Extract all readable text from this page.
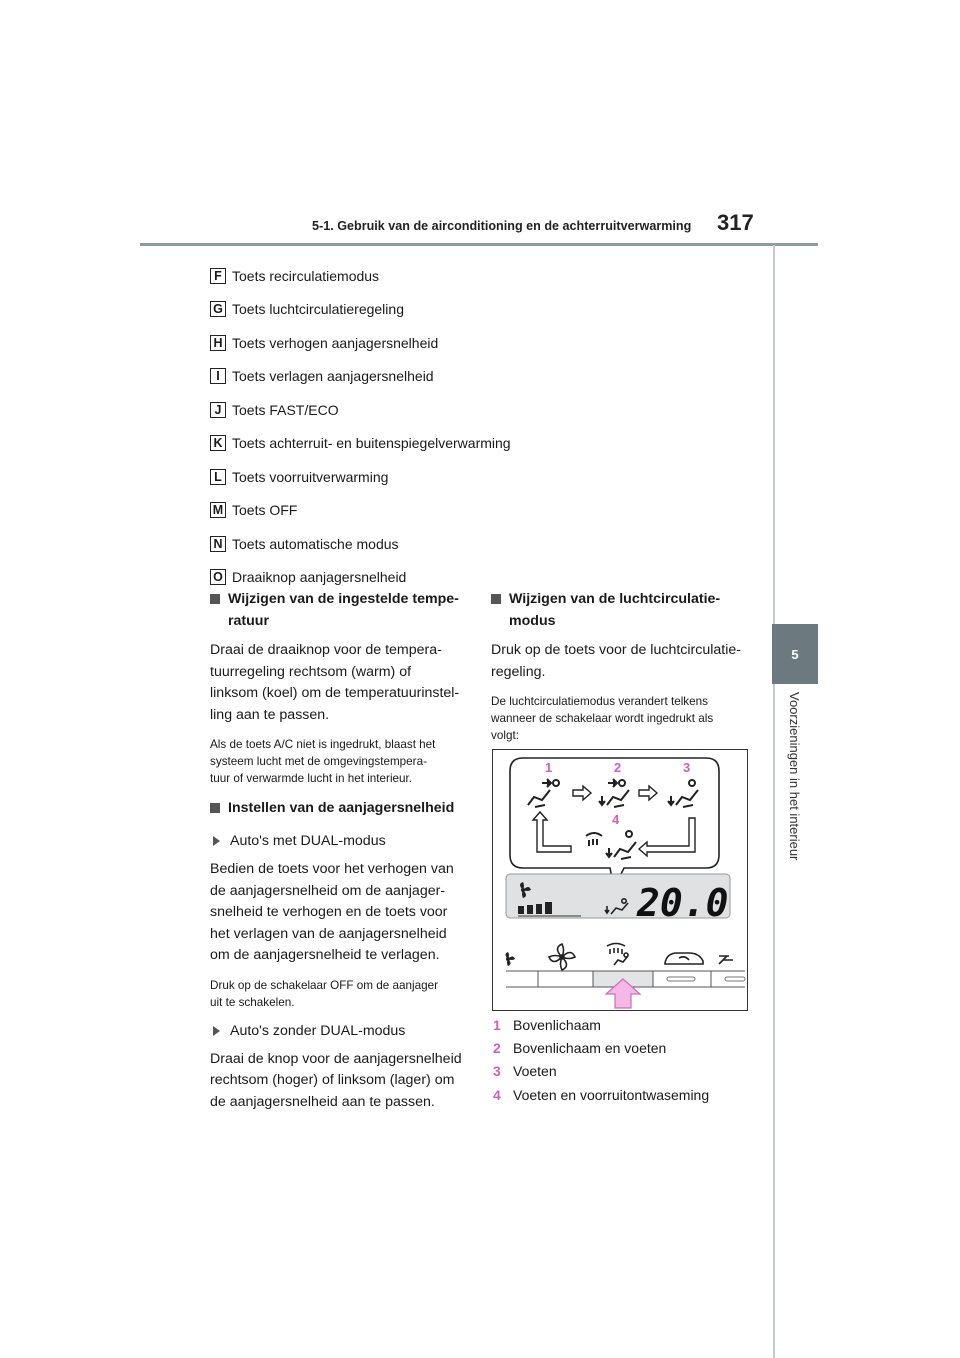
5-1. Gebruik van de airconditioning en de achterruitverwarming	317
5
Voorzieningen in het interieur
F Toets recirculatiemodus
G Toets luchtcirculatieregeling
H Toets verhogen aanjagersnelheid
I Toets verlagen aanjagersnelheid
J Toets FAST/ECO
K Toets achterruit- en buitenspiegelverwarming
L Toets voorruitverwarming
M Toets OFF
N Toets automatische modus
O Draaiknop aanjagersnelheid
Wijzigen van de ingestelde tempe-
ratuur

Draai de draaiknop voor de tempera-
tuurregeling rechtsom (warm) of
linksom (koel) om de temperatuurinstel-
ling aan te passen.

Als de toets A/C niet is ingedrukt, blaast het
systeem lucht met de omgevingstempera-
tuur of verwarmde lucht in het interieur.

Instellen van de aanjagersnelheid
Auto's met DUAL-modus

Bedien de toets voor het verhogen van
de aanjagersnelheid om de aanjager-
snelheid te verhogen en de toets voor
het verlagen van de aanjagersnelheid
om de aanjagersnelheid te verlagen.

Druk op de schakelaar OFF om de aanjager
uit te schakelen.

Auto's zonder DUAL-modus

Draai de knop voor de aanjagersnelheid
rechtsom (hoger) of linksom (lager) om
de aanjagersnelheid aan te passen.

Wijzigen van de luchtcirculatie-
modus

Druk op de toets voor de luchtcirculatie-
regeling.

De luchtcirculatiemodus verandert telkens
wanneer de schakelaar wordt ingedrukt als
volgt:

1	2	3
4
20.0
1 Bovenlichaam
2 Bovenlichaam en voeten
3 Voeten
4 Voeten en voorruitontwaseming
